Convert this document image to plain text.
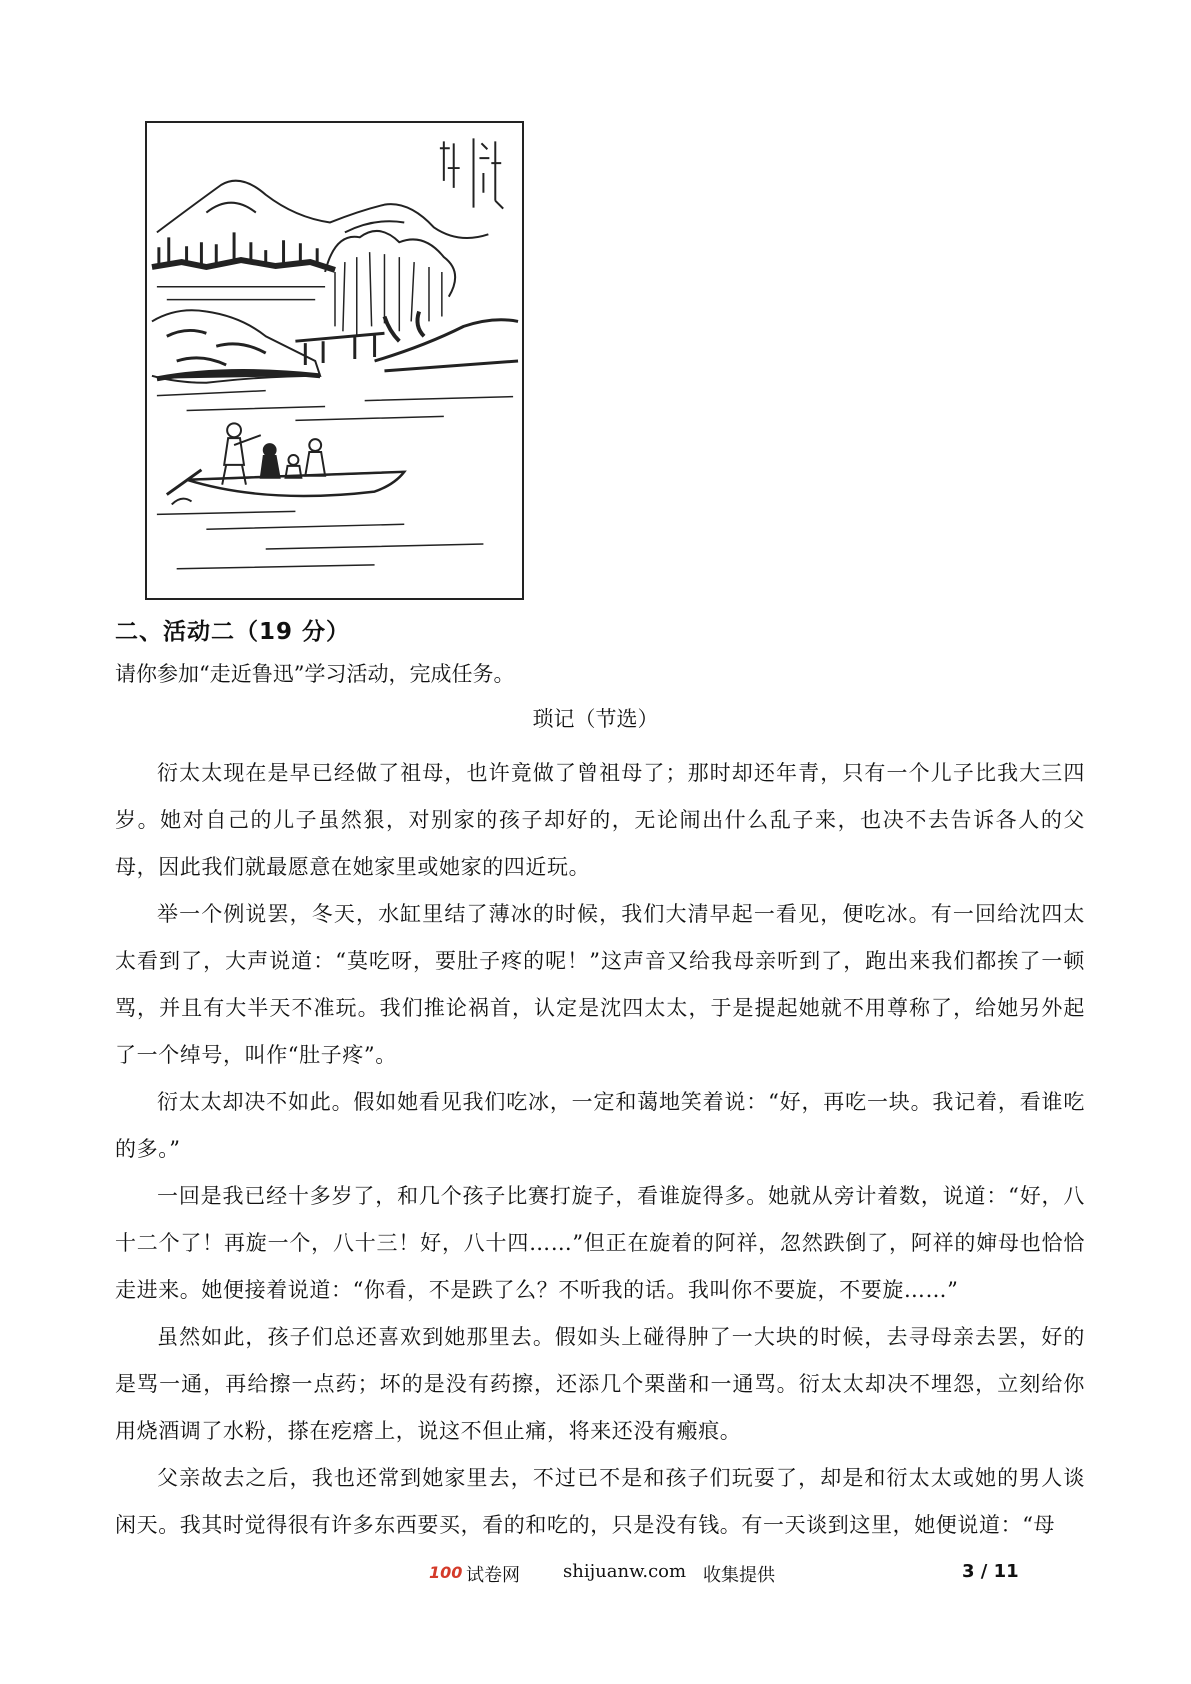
二、活动二（19 分）
请你参加“走近鲁迅”学习活动，完成任务。
琐记（节选）

衍太太现在是早已经做了祖母，也许竟做了曾祖母了；那时却还年青，只有一个儿子比我大三四岁。她对自己的儿子虽然狠，对别家的孩子却好的，无论闹出什么乱子来，也决不去告诉各人的父母，因此我们就最愿意在她家里或她家的四近玩。

举一个例说罢，冬天，水缸里结了薄冰的时候，我们大清早起一看见，便吃冰。有一回给沈四太太看到了，大声说道：“莫吃呀，要肚子疼的呢！”这声音又给我母亲听到了，跑出来我们都挨了一顿骂，并且有大半天不准玩。我们推论祸首，认定是沈四太太，于是提起她就不用尊称了，给她另外起了一个绰号，叫作“肚子疼”。

衍太太却决不如此。假如她看见我们吃冰，一定和蔼地笑着说：“好，再吃一块。我记着，看谁吃的多。”

一回是我已经十多岁了，和几个孩子比赛打旋子，看谁旋得多。她就从旁计着数，说道：“好，八十二个了！再旋一个，八十三！好，八十四……”但正在旋着的阿祥，忽然跌倒了，阿祥的婶母也恰恰走进来。她便接着说道：“你看，不是跌了么？不听我的话。我叫你不要旋，不要旋……”

虽然如此，孩子们总还喜欢到她那里去。假如头上碰得肿了一大块的时候，去寻母亲去罢，好的是骂一通，再给擦一点药；坏的是没有药擦，还添几个栗凿和一通骂。衍太太却决不埋怨，立刻给你用烧酒调了水粉，搽在疙瘩上，说这不但止痛，将来还没有瘢痕。

父亲故去之后，我也还常到她家里去，不过已不是和孩子们玩耍了，却是和衍太太或她的男人谈闲天。我其时觉得很有许多东西要买，看的和吃的，只是没有钱。有一天谈到这里，她便说道：“母

100 试卷网 shijuanw.com 收集提供	3 / 11
